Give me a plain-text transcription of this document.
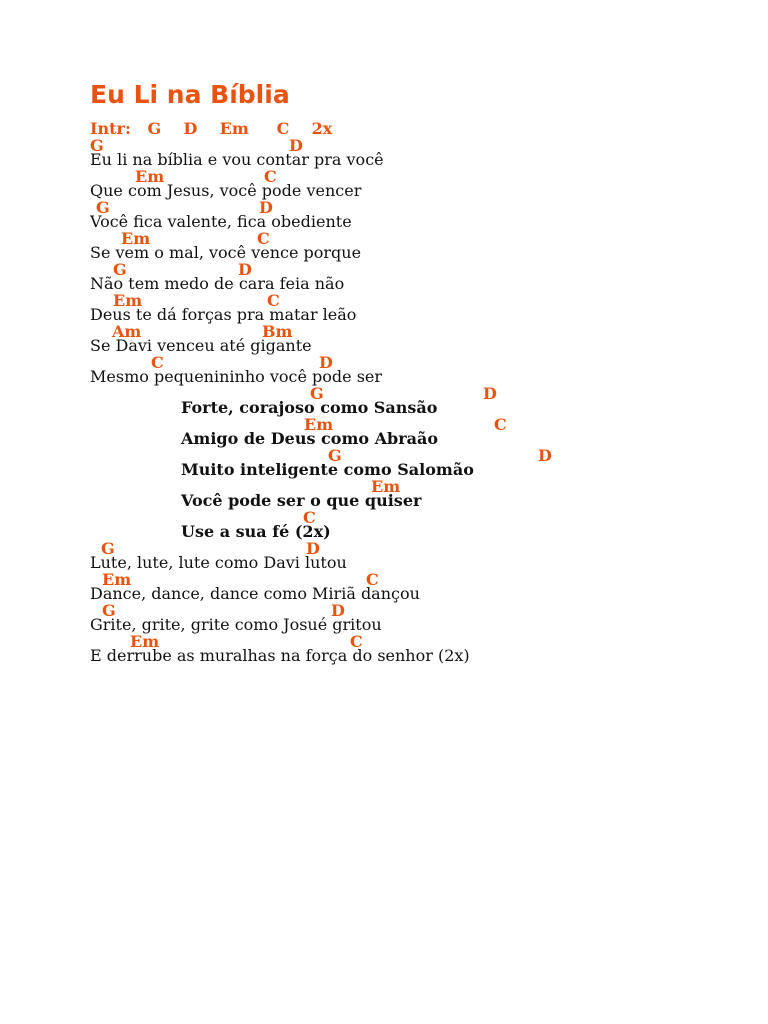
Eu Li na Bíblia
Intr:   G    D    Em     C    2x
G	D
Eu li na bíblia e vou contar pra você
Em	C
Que com Jesus, você pode vencer
G	D
Você fica valente, fica obediente
Em	C
Se vem o mal, você vence porque
G	D
Não tem medo de cara feia não
Em	C
Deus te dá forças pra matar leão
Am	Bm
Se Davi venceu até gigante
C	D
Mesmo pequenininho você pode ser
G	D
Forte, corajoso como Sansão
Em	C
Amigo de Deus como Abraão
G	D
Muito inteligente como Salomão
Em
Você pode ser o que quiser
C
Use a sua fé (2x)
G	D
Lute, lute, lute como Davi lutou
Em	C
Dance, dance, dance como Miriã dançou
G	D
Grite, grite, grite como Josué gritou
Em	C
E derrube as muralhas na força do senhor (2x)
